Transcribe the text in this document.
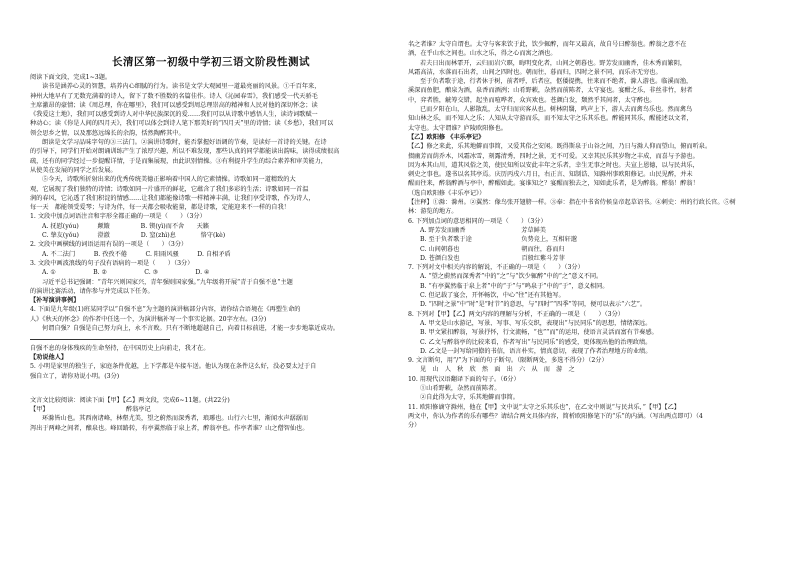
长清区第一初级中学初三语文阶段性测试
阅读下面文段，完成1~3题。
读书是涵养心灵的智慧，培养内心细腻的行为。读书是文学大观园里一道最亮丽的风景。①千百年来，
神州大地早有了无数充满着的诗人，留下了数不胜数的名篇佳作。诗人《沁园春雪》，我们感受一代天骄毛
主席激昂的豪情；读《周总理，你在哪里》，我们可以感受到周总理崇高的精神和人民对他的深切怀念；读
《我爱这土地》，我们可以感受到诗人对中华民族深沉的爱……我们可以从诗歌中感悟人生，读诗词歌赋一
种动心；读《你是人间的四月天》，我们可以体会到诗人笔下那美好的“四月天”里的诗情；读《乡愁》，我们可以
领会思乡之情，以及那悠远绵长的余韵，恬然陶醉其中。
朗读是文学习品味字句的③三法门。②演讲诗歌时，能否掌握好语调的节奏，是读好一首诗的关键。在诗
的引导下，同学们开始对朗诵训练产生了浓厚兴趣，所以不难发现，那些认真的同学都能读出韵味，读得成绩很高
疏，还有的同学经过一步提醒详情，于是而集展现，由此识别情操。③有利提升学生的综合素养和审美能力，
从使美在发展的同学之后发展。
⑤今天，诗歌所折射出来的优秀传统美德正影响着中国人的它素情操。诗歌如同一道精致的大
观，它展现了我们独特的诗情；诗歌如同一片盛开的鲜花，它蕴含了我们多彩的生活；诗歌如同一首温
润的春风，它沁透了我们积淀的情感……让我们都能像诗歌一样精神丰满，让我们享受诗歌，作为诗人，
每一天　都能领受爱琴；与诗为伴，每一天都会吸收能量，都是诗歌，定能迎来不一样的自我！
1. 文段中加点词语注音和字形全都正确的一项是（　　）（3分）
A. 抚慰(yóu)　　　颠簸　　　　　B. 锲(yì)而不舍　　天籁
C. 挚友(yǒu)　　　澄澈　　　　　D. 窒(zhì)息　　　　恪守(kè)
2. 文段中画横线的词语运用有误的一项是（　　）（3分）
A. 不二法门　　　B. 孜孜不倦　　　C. 阳雨风骚　　　D. 自相矛盾
3. 文段中画波浪线的句子没有语病的一项是（　　）（3分）
A. ①　　　　　　B. ②　　　　　　C. ③　　　　　　D. ④
习近平总书记强调：“青年兴则国家兴，青年强则国家强。”九年级将开展“青于自强不息”主题
的演讲比赛活动，请你参与并完成以下任务。
【补写演讲事例】
4. 下面是九年级(1)班某同学以“自强不息”为主题的演讲稿部分内容，请你结合语境在《再塑生命的
人》《秋天的怀念》的作者中任选一个，为演讲稿补写一个事实论据。20字左右。(3分)
何谓自强？自强是自己努力向上，永不言败。只有不断地超越自己，向着目标前进，才能一步步地靠近成功。
自强不息的身体残疾的生命坚持，在中国历史上向前走，我才在。
【劝说他人】
5. 小明是家里的独生子，家庭条件优越，上下学都是车接车送。他认为现在条件这么好，没必要太过于自
强自立了，请你劝说小明。(3分)
文言文比较阅读：阅读下面【甲】【乙】两文段，完成6~11题。(共22分)
【甲】　　　　　　　　　　　　　醉翁亭记
环滁皆山也。其西南诸峰，林壑尤美，望之蔚然而深秀者，琅琊也。山行六七里，渐闻水声潺潺而
泻出于两峰之间者，酿泉也。峰回路转，有亭翼然临于泉上者，醉翁亭也。作亭者谁？山之僧智仙也。
名之者谁？太守自谓也。太守与客来饮于此，饮少辄醉，而年又最高，故自号曰醉翁也。醉翁之意不在
酒，在乎山水之间也。山水之乐，得之心而寓之酒也。
若夫日出而林霏开，云归而岩穴暝，晦明变化者，山间之朝暮也。野芳发而幽香，佳木秀而繁阴，
风霜高洁，水落而石出者，山间之四时也。朝而往，暮而归，四时之景不同，而乐亦无穷也。
至于负者歌于途，行者休于树，前者呼，后者应，伛偻提携，往来而不绝者，滁人游也。临溪而渔，
溪深而鱼肥，酿泉为酒，泉香而酒洌；山肴野蔌，杂然而前陈者，太守宴也。宴酣之乐，非丝非竹，射者
中，弈者胜，觥筹交错，起坐而喧哗者，众宾欢也。苍颜白发，颓然乎其间者，太守醉也。
已而夕阳在山，人影散乱，太守归而宾客从也。树林阴翳，鸣声上下，游人去而禽鸟乐也。然而禽鸟
知山林之乐，而不知人之乐；人知从太守游而乐，而不知太守之乐其乐也。醉能同其乐，醒能述以文者，
太守也。太守谓谁？庐陵欧阳修也。
【乙】欧阳修 《丰乐亭记》
【乙】修之来此，乐其地僻而事简，又爱其俗之安闲。既得斯泉于山谷之间，乃日与滁人仰而望山，俯而听泉。
掇幽芳而荫乔木，风霜冰雪，刻露清秀，四时之景，无不可爱。又幸其民乐其岁物之丰成，而喜与予游也。
因为本其山川，道其风俗之美，使民知所以安此丰年之乐者，幸生无事之时也。夫宣上恩德，以与民共乐，
刺史之事也。遂书以名其亭焉。庆历丙戌六月日，右正言、知制诰、知滁州事欧阳修记。山民见醉，并未
醒而往来，醉翁醉酒与亭中，醉醒如此。宴谁知之？宴醒而独去之，知如此乐者，是为醉翁。醉翁！醉翁！
（选自欧阳修《丰乐亭记》）
【注释】①滁：滁州。②翼然：像鸟张开翅膀一样。③奉：指在中书省侍候皇帝起草诏书。④刺史：州的行政长官。⑤树
林：游览的地方。
6. 下列加点词的意思相同的一项是（　　）（3分）
A. 野芳发而幽香　　　　　　　　　芳草鲜美
B. 至于负者歌于途　　　　　　　　负势竞上，互相轩邈
C. 山间朝暮也　　　　　　　　　　朝而往，暮而归
D. 苍颜白发也　　　　　　　　　　百般红紫斗芳菲
7. 下列对文中相关内容的解说，不正确的一项是（　　）（3分）
A. “望之蔚然而深秀者”中的“之”与“饮少辄醉”中的“之”意义不同。
B. “有亭翼然临于泉上者”中的“于”与“鸣泉于”中的“于”，意义相同。
C. 但记载了宴会，开怀畅饮，中心“往”还有其他写。
D. “四时之景”中“时”是“时节”的意思，与“四时”“四季”等同，便可以表示“六艺”。
8. 下列对【甲】【乙】两文内容的理解与分析，不正确的一项是（　　）（3分）
A. 甲文是山水游记，写景、写事、写乐交织，表现出“与民同乐”的思想，情绪深远。
B. 甲文紧扣醉翁，写景抒怀，行文流畅，“也”“而”的运用，使语言灵活而富有节奏感。
C. 乙文与醉翁亭的比较来看，作者写出“与民同乐”的感受，更体现出他的治理政绩。
D. 乙文是一封写给同僚的书信，语言朴实，情真意切，表现了作者治理地方的业绩。
9. 文言断句，用“/”为下面的句子断句。（限断两处，多选不得分）（2分）
见　山　人　秋　欣　然　面　出　六　从　而　游　之
10. 用现代汉语翻译下面的句子。（6分）
①山肴野蔌，杂然而前陈者。
②自此得为太守，乐其地僻而事简。
11. 欧阳修谪守滁州，他在【甲】文中说“太守之乐其乐也”，在乙文中则说“与民共乐，”【甲】【乙】
两文中，你认为作者的乐有哪些？请结合两文具体内容，简析欧阳修笔下的“乐”的内涵。（写出两点即可）（4
分）
